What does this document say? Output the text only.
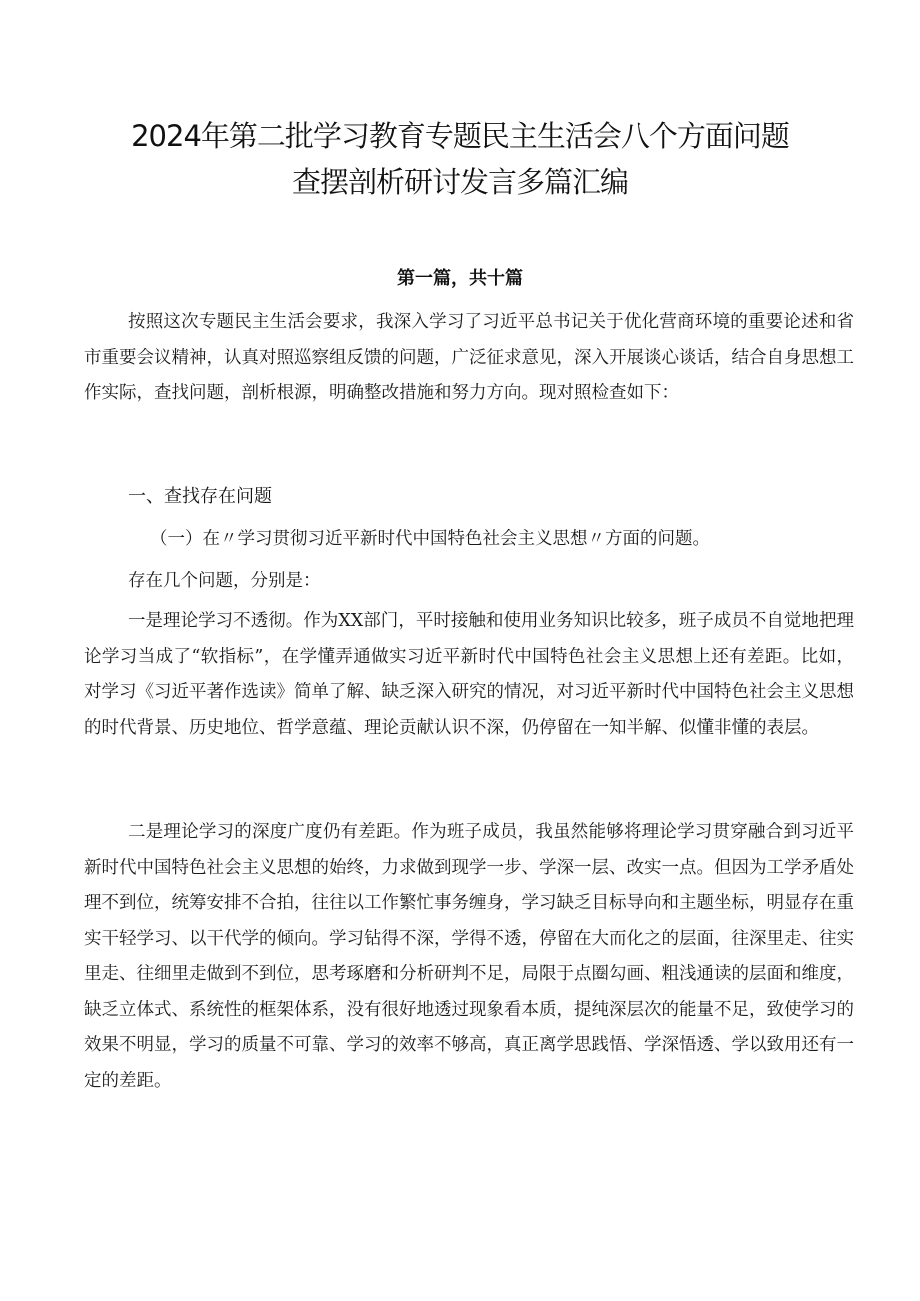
2024年第二批学习教育专题民主生活会八个方面问题
查摆剖析研讨发言多篇汇编
第一篇，共十篇

按照这次专题民主生活会要求，我深入学习了习近平总书记关于优化营商环境的重要论述和省市重要会议精神，认真对照巡察组反馈的问题，广泛征求意见，深入开展谈心谈话，结合自身思想工作实际，查找问题，剖析根源，明确整改措施和努力方向。现对照检查如下：

一、查找存在问题

（一）在〃学习贯彻习近平新时代中国特色社会主义思想〃方面的问题。

存在几个问题，分别是：

一是理论学习不透彻。作为XX部门，平时接触和使用业务知识比较多，班子成员不自觉地把理论学习当成了“软指标”，在学懂弄通做实习近平新时代中国特色社会主义思想上还有差距。比如，对学习《习近平著作选读》简单了解、缺乏深入研究的情况，对习近平新时代中国特色社会主义思想的时代背景、历史地位、哲学意蕴、理论贡献认识不深，仍停留在一知半解、似懂非懂的表层。

二是理论学习的深度广度仍有差距。作为班子成员，我虽然能够将理论学习贯穿融合到习近平新时代中国特色社会主义思想的始终，力求做到现学一步、学深一层、改实一点。但因为工学矛盾处理不到位，统筹安排不合拍，往往以工作繁忙事务缠身，学习缺乏目标导向和主题坐标，明显存在重实干轻学习、以干代学的倾向。学习钻得不深，学得不透，停留在大而化之的层面，往深里走、往实里走、往细里走做到不到位，思考琢磨和分析研判不足，局限于点圈勾画、粗浅通读的层面和维度，缺乏立体式、系统性的框架体系，没有很好地透过现象看本质，提纯深层次的能量不足，致使学习的效果不明显，学习的质量不可靠、学习的效率不够高，真正离学思践悟、学深悟透、学以致用还有一定的差距。
